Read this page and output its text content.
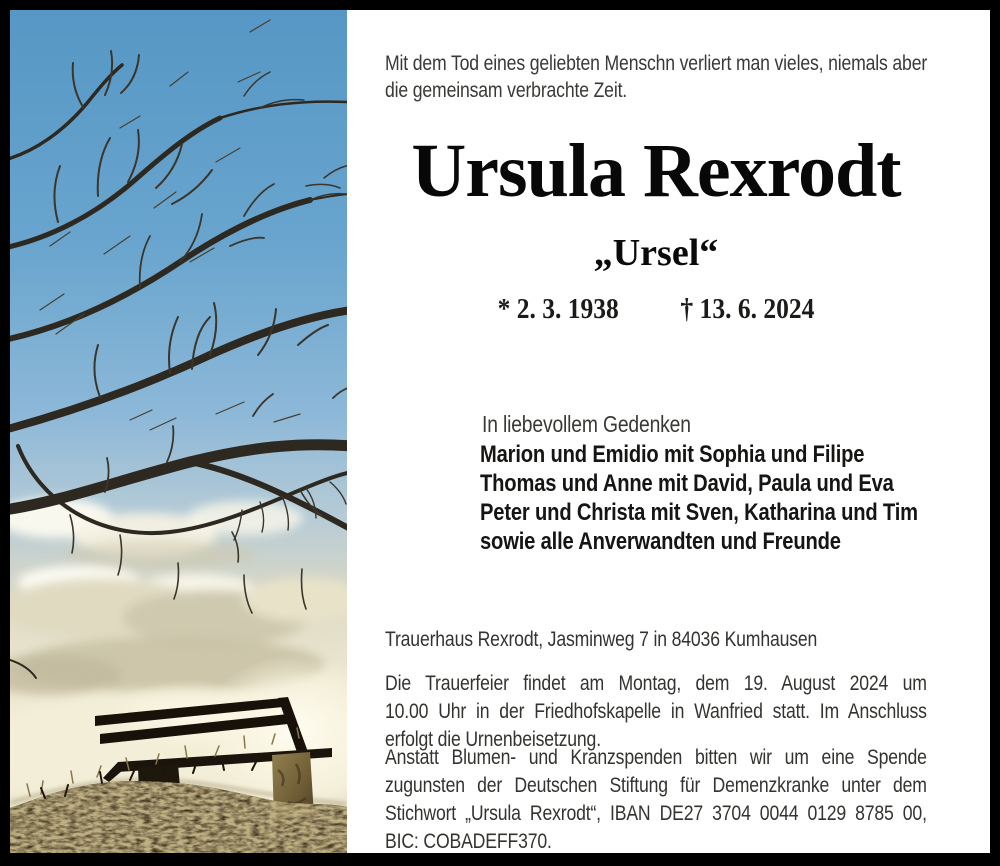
Mit dem Tod eines geliebten Menschn verliert man vieles, niemals aber
die gemeinsam verbrachte Zeit.
Ursula Rexrodt
„Ursel“
* 2. 3. 1938 † 13. 6. 2024
In liebevollem Gedenken
Marion und Emidio mit Sophia und Filipe
Thomas und Anne mit David, Paula und Eva
Peter und Christa mit Sven, Katharina und Tim
sowie alle Anverwandten und Freunde
Trauerhaus Rexrodt, Jasminweg 7 in 84036 Kumhausen
Die Trauerfeier findet am Montag, dem 19. August 2024 um
10.00 Uhr in der Friedhofskapelle in Wanfried statt. Im Anschluss
erfolgt die Urnenbeisetzung.
Anstatt Blumen- und Kranzspenden bitten wir um eine Spende
zugunsten der Deutschen Stiftung für Demenzkranke unter dem
Stichwort „Ursula Rexrodt“, IBAN DE27 3704 0044 0129 8785 00,
BIC: COBADEFF370.
